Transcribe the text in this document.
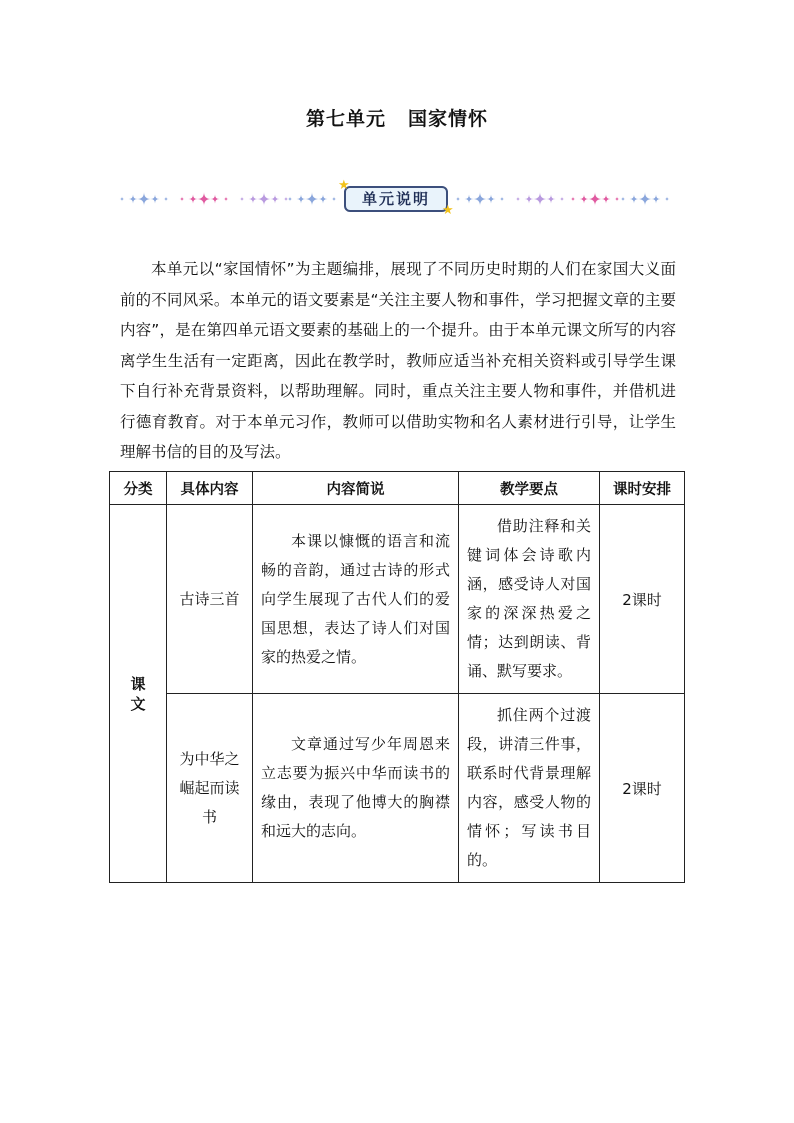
第七单元 国家情怀
单元说明
★
★

本单元以“家国情怀”为主题编排，展现了不同历史时期的人们在家国大义面前的不同风采。本单元的语文要素是“关注主要人物和事件，学习把握文章的主要内容”，是在第四单元语文要素的基础上的一个提升。由于本单元课文所写的内容离学生生活有一定距离，因此在教学时，教师应适当补充相关资料或引导学生课下自行补充背景资料，以帮助理解。同时，重点关注主要人物和事件，并借机进行德育教育。对于本单元习作，教师可以借助实物和名人素材进行引导，让学生理解书信的目的及写法。

分类	具体内容	内容简说	教学要点	课时安排
课文	古诗三首	本课以慷慨的语言和流畅的音韵，通过古诗的形式向学生展现了古代人们的爱国思想，表达了诗人们对国家的热爱之情。	借助注释和关键词体会诗歌内涵，感受诗人对国家的深深热爱之情；达到朗读、背诵、默写要求。	2课时
	为中华之崛起而读书	文章通过写少年周恩来立志要为振兴中华而读书的缘由，表现了他博大的胸襟和远大的志向。	抓住两个过渡段，讲清三件事，联系时代背景理解内容，感受人物的情怀；写读书目的。	2课时
